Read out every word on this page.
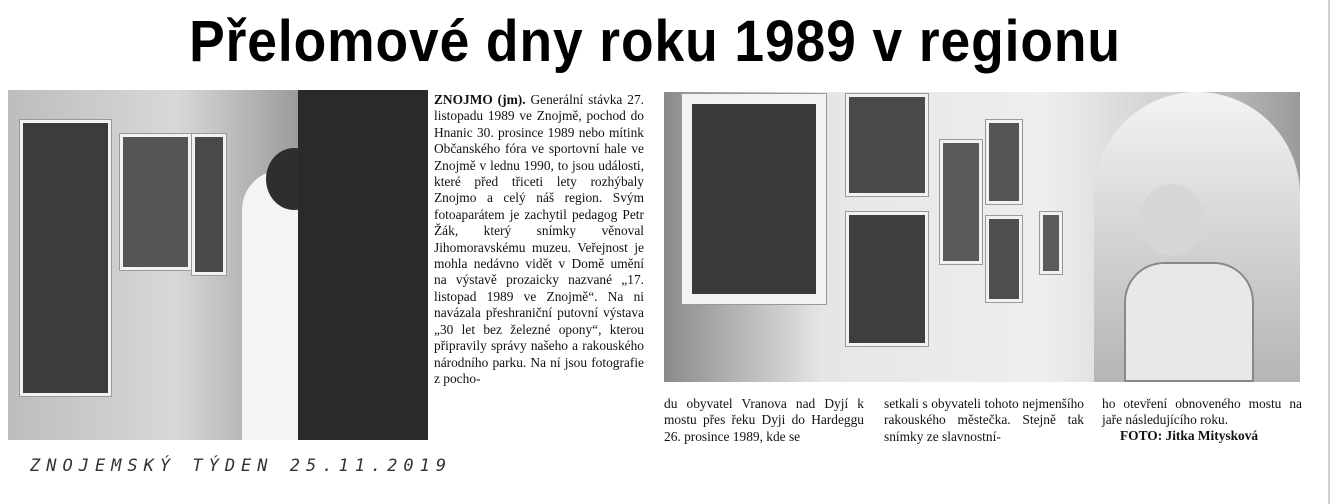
Přelomové dny roku 1989 v regionu
ZNOJMO (jm). Generální stávka 27. listopadu 1989 ve Znojmě, pochod do Hnanic 30. prosince 1989 nebo mítink Občanského fóra ve sportovní hale ve Znojmě v lednu 1990, to jsou události, které před třiceti lety rozhýbaly Znojmo a celý náš region. Svým fotoaparátem je zachytil pedagog Petr Žák, který snímky věnoval Jihomoravskému muzeu. Veřejnost je mohla nedávno vidět v Domě umění na výstavě prozaicky nazvané „17. listopad 1989 ve Znojmě“. Na ni navázala přeshraniční putovní výstava „30 let bez železné opony“, kterou připravily správy našeho a rakouského národního parku. Na ní jsou fotografie z pocho-
du obyvatel Vranova nad Dyjí k mostu přes řeku Dyji do Hardeggu 26. prosince 1989, kde se
setkali s obyvateli tohoto nejmenšího rakouského městečka. Stejně tak snímky ze slavnostní-
ho otevření obnoveného mostu na jaře následujícího roku.
FOTO: Jitka Mitysková
ZNOJEMSKÝ TÝDEN 25.11.2019
